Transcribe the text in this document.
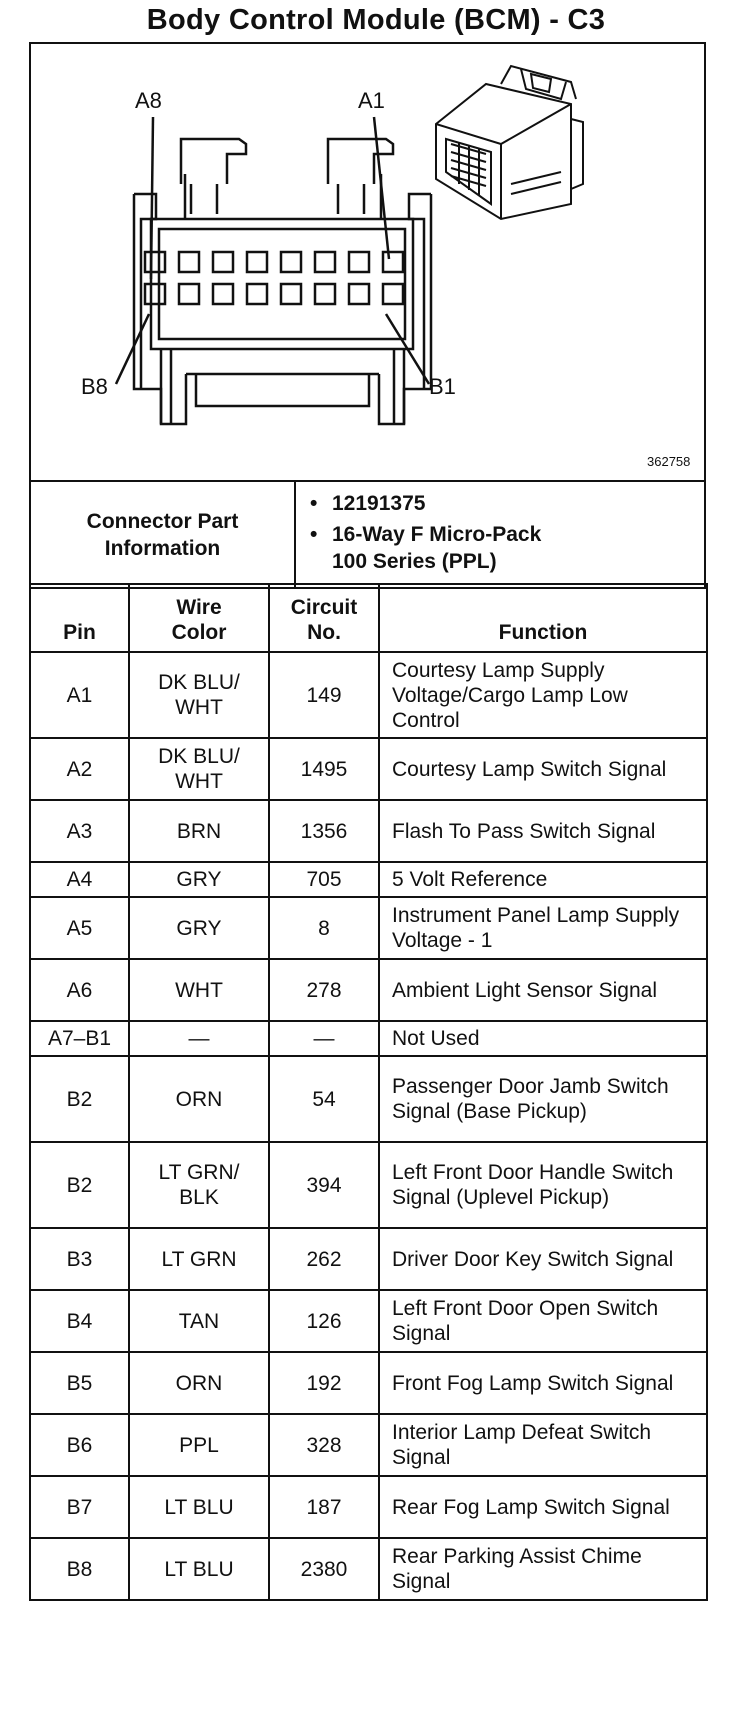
Body Control Module (BCM) - C3
A8	A1
B8	B1
362758
Connector Part Information	
• 12191375
• 16-Way F Micro-Pack 100 Series (PPL)
Pin	Wire Color	Circuit No.	Function
A1	DK BLU/ WHT	149	Courtesy Lamp Supply Voltage/Cargo Lamp Low Control
A2	DK BLU/ WHT	1495	Courtesy Lamp Switch Signal
A3	BRN	1356	Flash To Pass Switch Signal
A4	GRY	705	5 Volt Reference
A5	GRY	8	Instrument Panel Lamp Supply Voltage - 1
A6	WHT	278	Ambient Light Sensor Signal
A7–B1	—	—	Not Used
B2	ORN	54	Passenger Door Jamb Switch Signal (Base Pickup)
B2	LT GRN/ BLK	394	Left Front Door Handle Switch Signal (Uplevel Pickup)
B3	LT GRN	262	Driver Door Key Switch Signal
B4	TAN	126	Left Front Door Open Switch Signal
B5	ORN	192	Front Fog Lamp Switch Signal
B6	PPL	328	Interior Lamp Defeat Switch Signal
B7	LT BLU	187	Rear Fog Lamp Switch Signal
B8	LT BLU	2380	Rear Parking Assist Chime Signal
